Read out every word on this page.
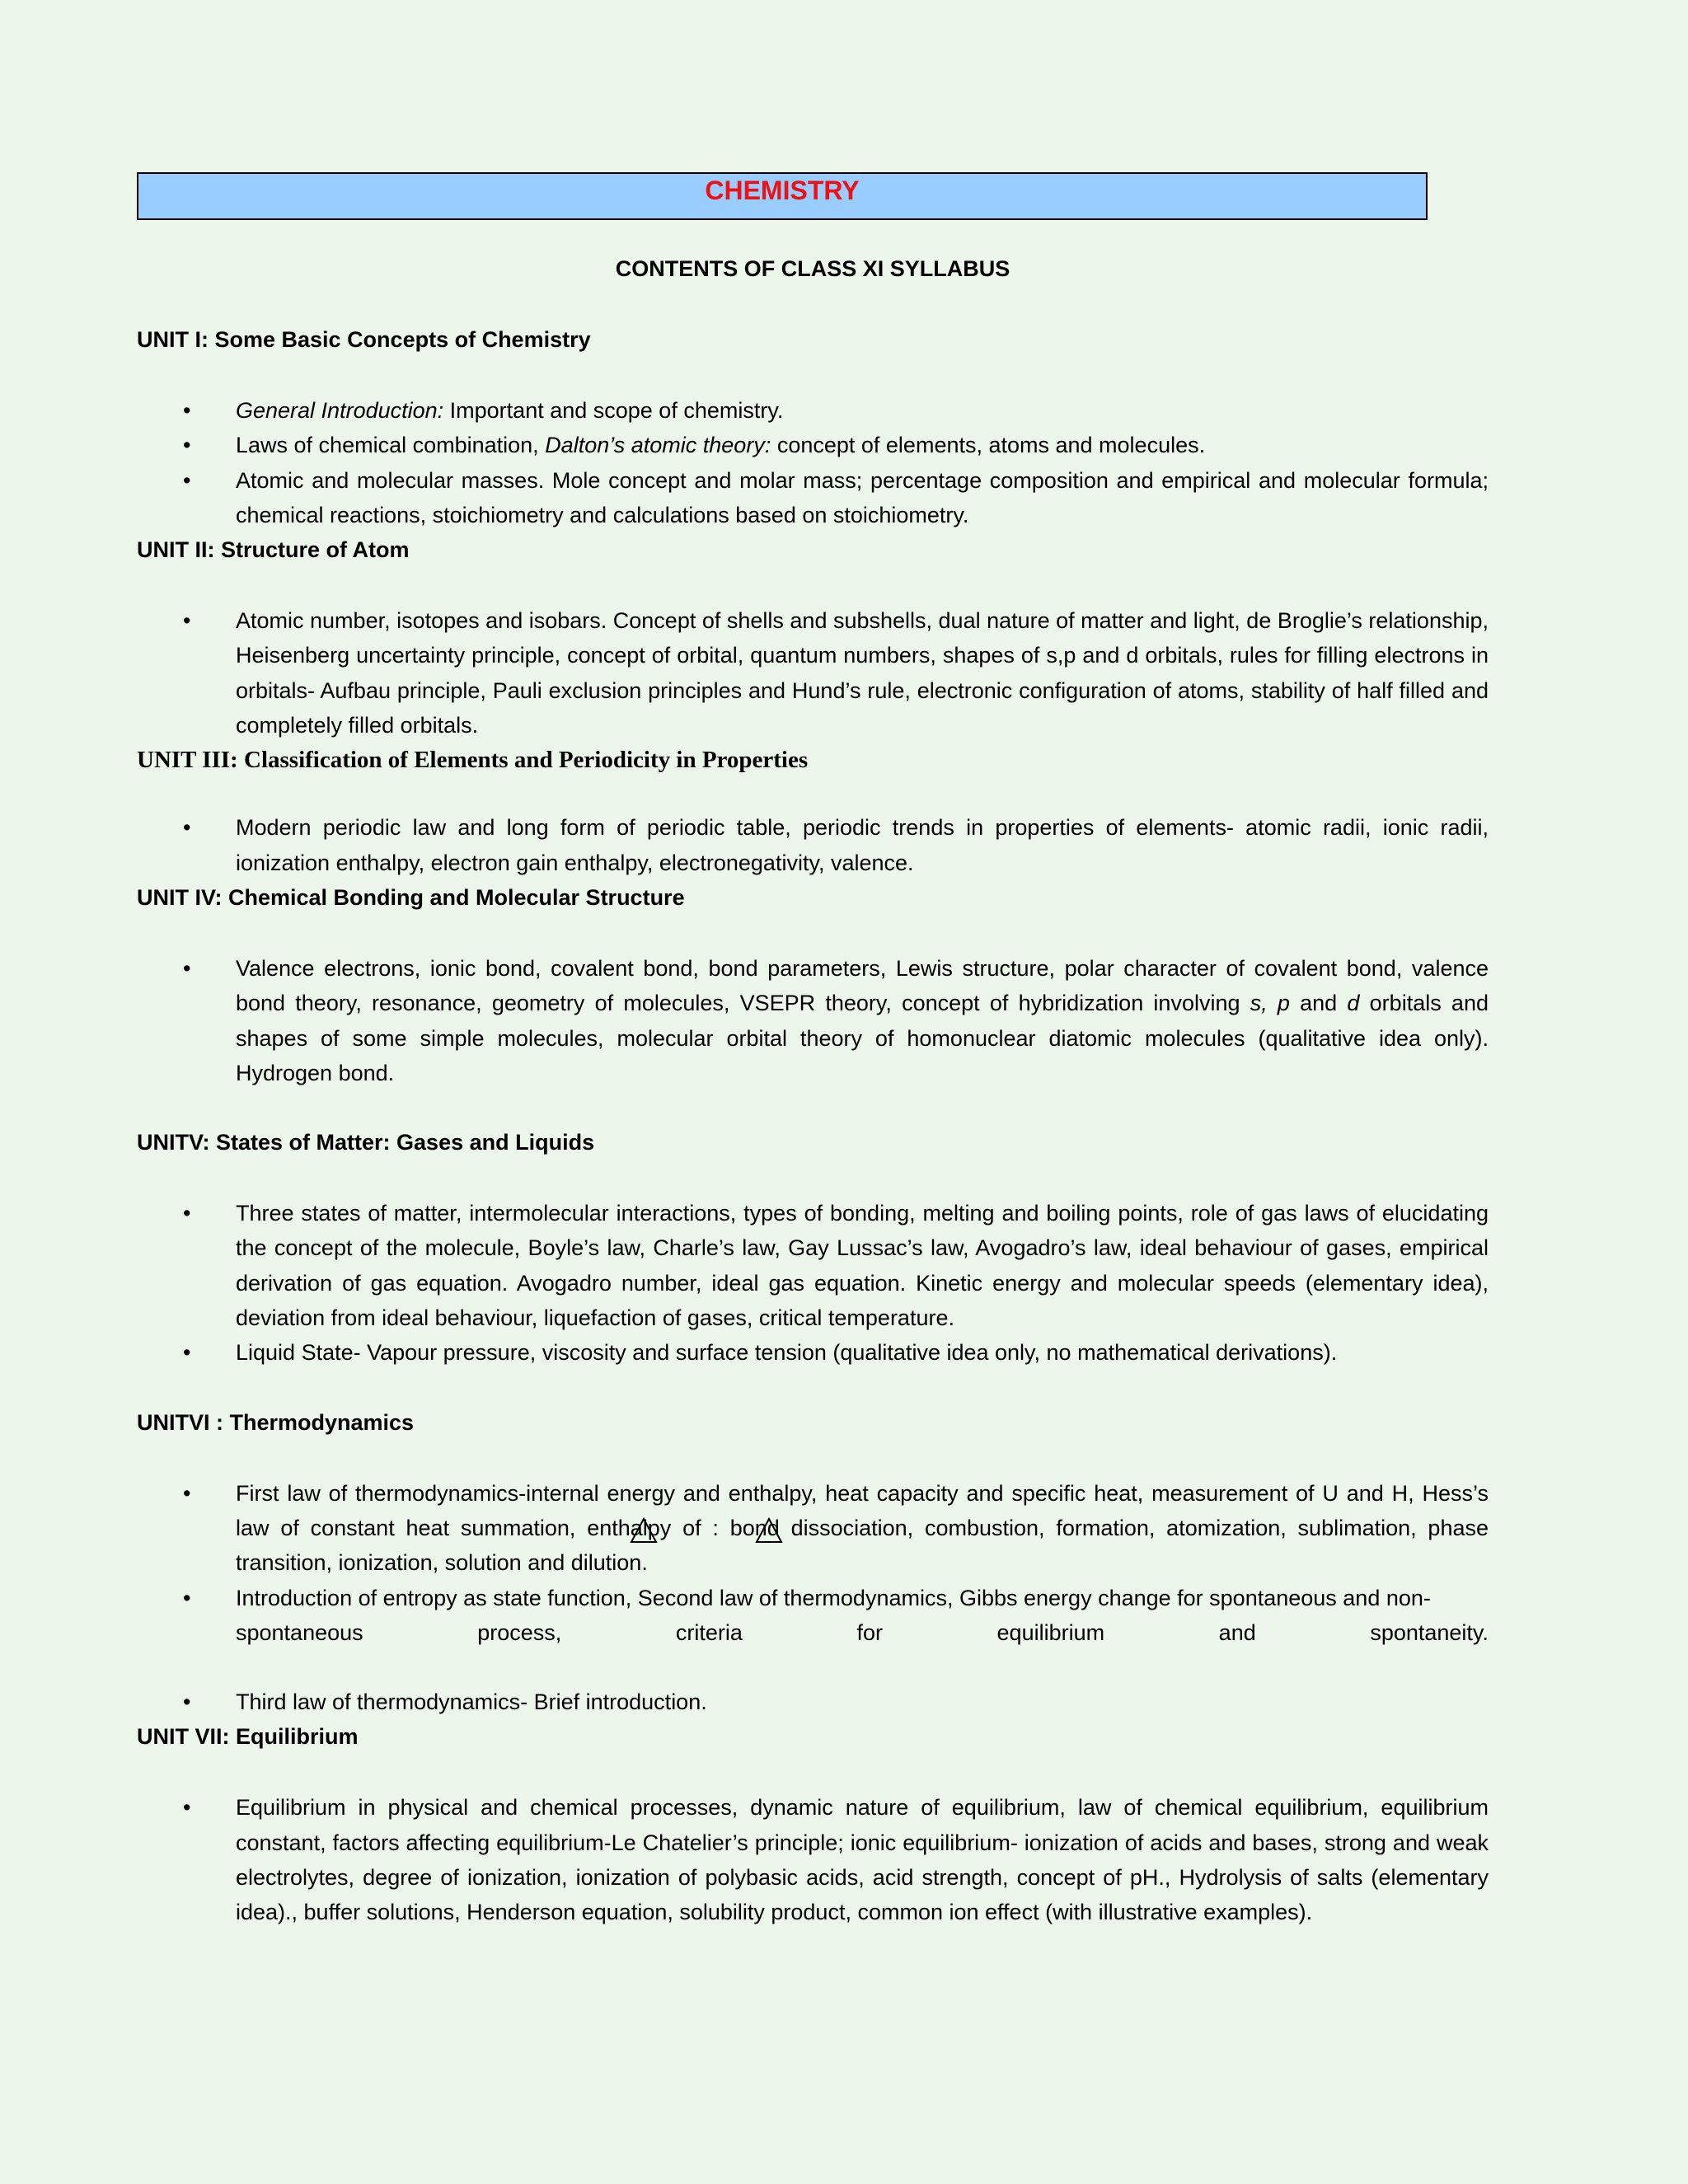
CHEMISTRY
CONTENTS OF CLASS XI SYLLABUS

UNIT I: Some Basic Concepts of Chemistry

• General Introduction: Important and scope of chemistry.
• Laws of chemical combination, Dalton’s atomic theory: concept of elements, atoms and molecules.
• Atomic and molecular masses. Mole concept and molar mass; percentage composition and empirical and molecular formula; chemical reactions, stoichiometry and calculations based on stoichiometry.

UNIT II: Structure of Atom

• Atomic number, isotopes and isobars. Concept of shells and subshells, dual nature of matter and light, de Broglie’s relationship, Heisenberg uncertainty principle, concept of orbital, quantum numbers, shapes of s,p and d orbitals, rules for filling electrons in orbitals- Aufbau principle, Pauli exclusion principles and Hund’s rule, electronic configuration of atoms, stability of half filled and completely filled orbitals.

UNIT III: Classification of Elements and Periodicity in Properties

• Modern periodic law and long form of periodic table, periodic trends in properties of elements- atomic radii, ionic radii, ionization enthalpy, electron gain enthalpy, electronegativity, valence.

UNIT IV: Chemical Bonding and Molecular Structure

• Valence electrons, ionic bond, covalent bond, bond parameters, Lewis structure, polar character of covalent bond, valence bond theory, resonance, geometry of molecules, VSEPR theory, concept of hybridization involving s, p and d orbitals and shapes of some simple molecules, molecular orbital theory of homonuclear diatomic molecules (qualitative idea only). Hydrogen bond.

UNITV: States of Matter: Gases and Liquids

• Three states of matter, intermolecular interactions, types of bonding, melting and boiling points, role of gas laws of elucidating the concept of the molecule, Boyle’s law, Charle’s law, Gay Lussac’s law, Avogadro’s law, ideal behaviour of gases, empirical derivation of gas equation. Avogadro number, ideal gas equation. Kinetic energy and molecular speeds (elementary idea), deviation from ideal behaviour, liquefaction of gases, critical temperature.
• Liquid State- Vapour pressure, viscosity and surface tension (qualitative idea only, no mathematical derivations).

UNITVI : Thermodynamics

• First law of thermodynamics-internal energy and enthalpy, heat capacity and specific heat, measurement of U and H, Hess’s law of constant heat summation, enthalpy of : bond dissociation, combustion, formation, atomization, sublimation, phase transition, ionization, solution and dilution.
• Introduction of entropy as state function, Second law of thermodynamics, Gibbs energy change for spontaneous and non-
spontaneous	process,	criteria	for	equilibrium	and	spontaneity.
• Third law of thermodynamics- Brief introduction.

UNIT VII: Equilibrium

• Equilibrium in physical and chemical processes, dynamic nature of equilibrium, law of chemical equilibrium, equilibrium constant, factors affecting equilibrium-Le Chatelier’s principle; ionic equilibrium- ionization of acids and bases, strong and weak electrolytes, degree of ionization, ionization of polybasic acids, acid strength, concept of pH., Hydrolysis of salts (elementary idea)., buffer solutions, Henderson equation, solubility product, common ion effect (with illustrative examples).
